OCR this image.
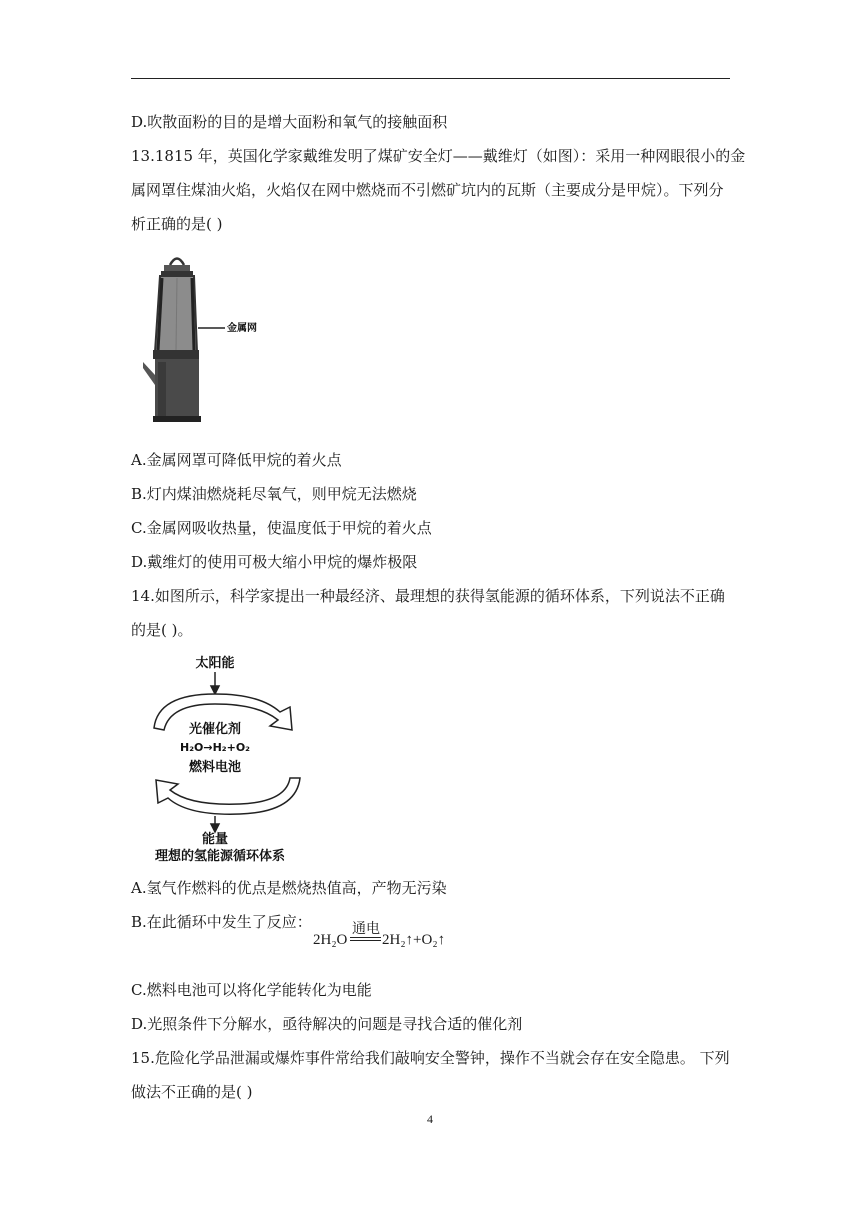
D.吹散面粉的目的是增大面粉和氧气的接触面积
13.1815 年，英国化学家戴维发明了煤矿安全灯——戴维灯（如图）：采用一种网眼很小的金
属网罩住煤油火焰，火焰仅在网中燃烧而不引燃矿坑内的瓦斯（主要成分是甲烷）。下列分
析正确的是( )
金属网
A.金属网罩可降低甲烷的着火点
B.灯内煤油燃烧耗尽氧气，则甲烷无法燃烧
C.金属网吸收热量，使温度低于甲烷的着火点
D.戴维灯的使用可极大缩小甲烷的爆炸极限
14.如图所示，科学家提出一种最经济、最理想的获得氢能源的循环体系，下列说法不正确
的是( )。
太阳能
光催化剂
H₂O→H₂+O₂
燃料电池
能量
理想的氢能源循环体系
A.氢气作燃料的优点是燃烧热值高，产物无污染
B.在此循环中发生了反应：	通电
2H₂O 2H₂↑+O₂↑
C.燃料电池可以将化学能转化为电能
D.光照条件下分解水，亟待解决的问题是寻找合适的催化剂
15.危险化学品泄漏或爆炸事件常给我们敲响安全警钟，操作不当就会存在安全隐患。 下列
做法不正确的是( )
4
